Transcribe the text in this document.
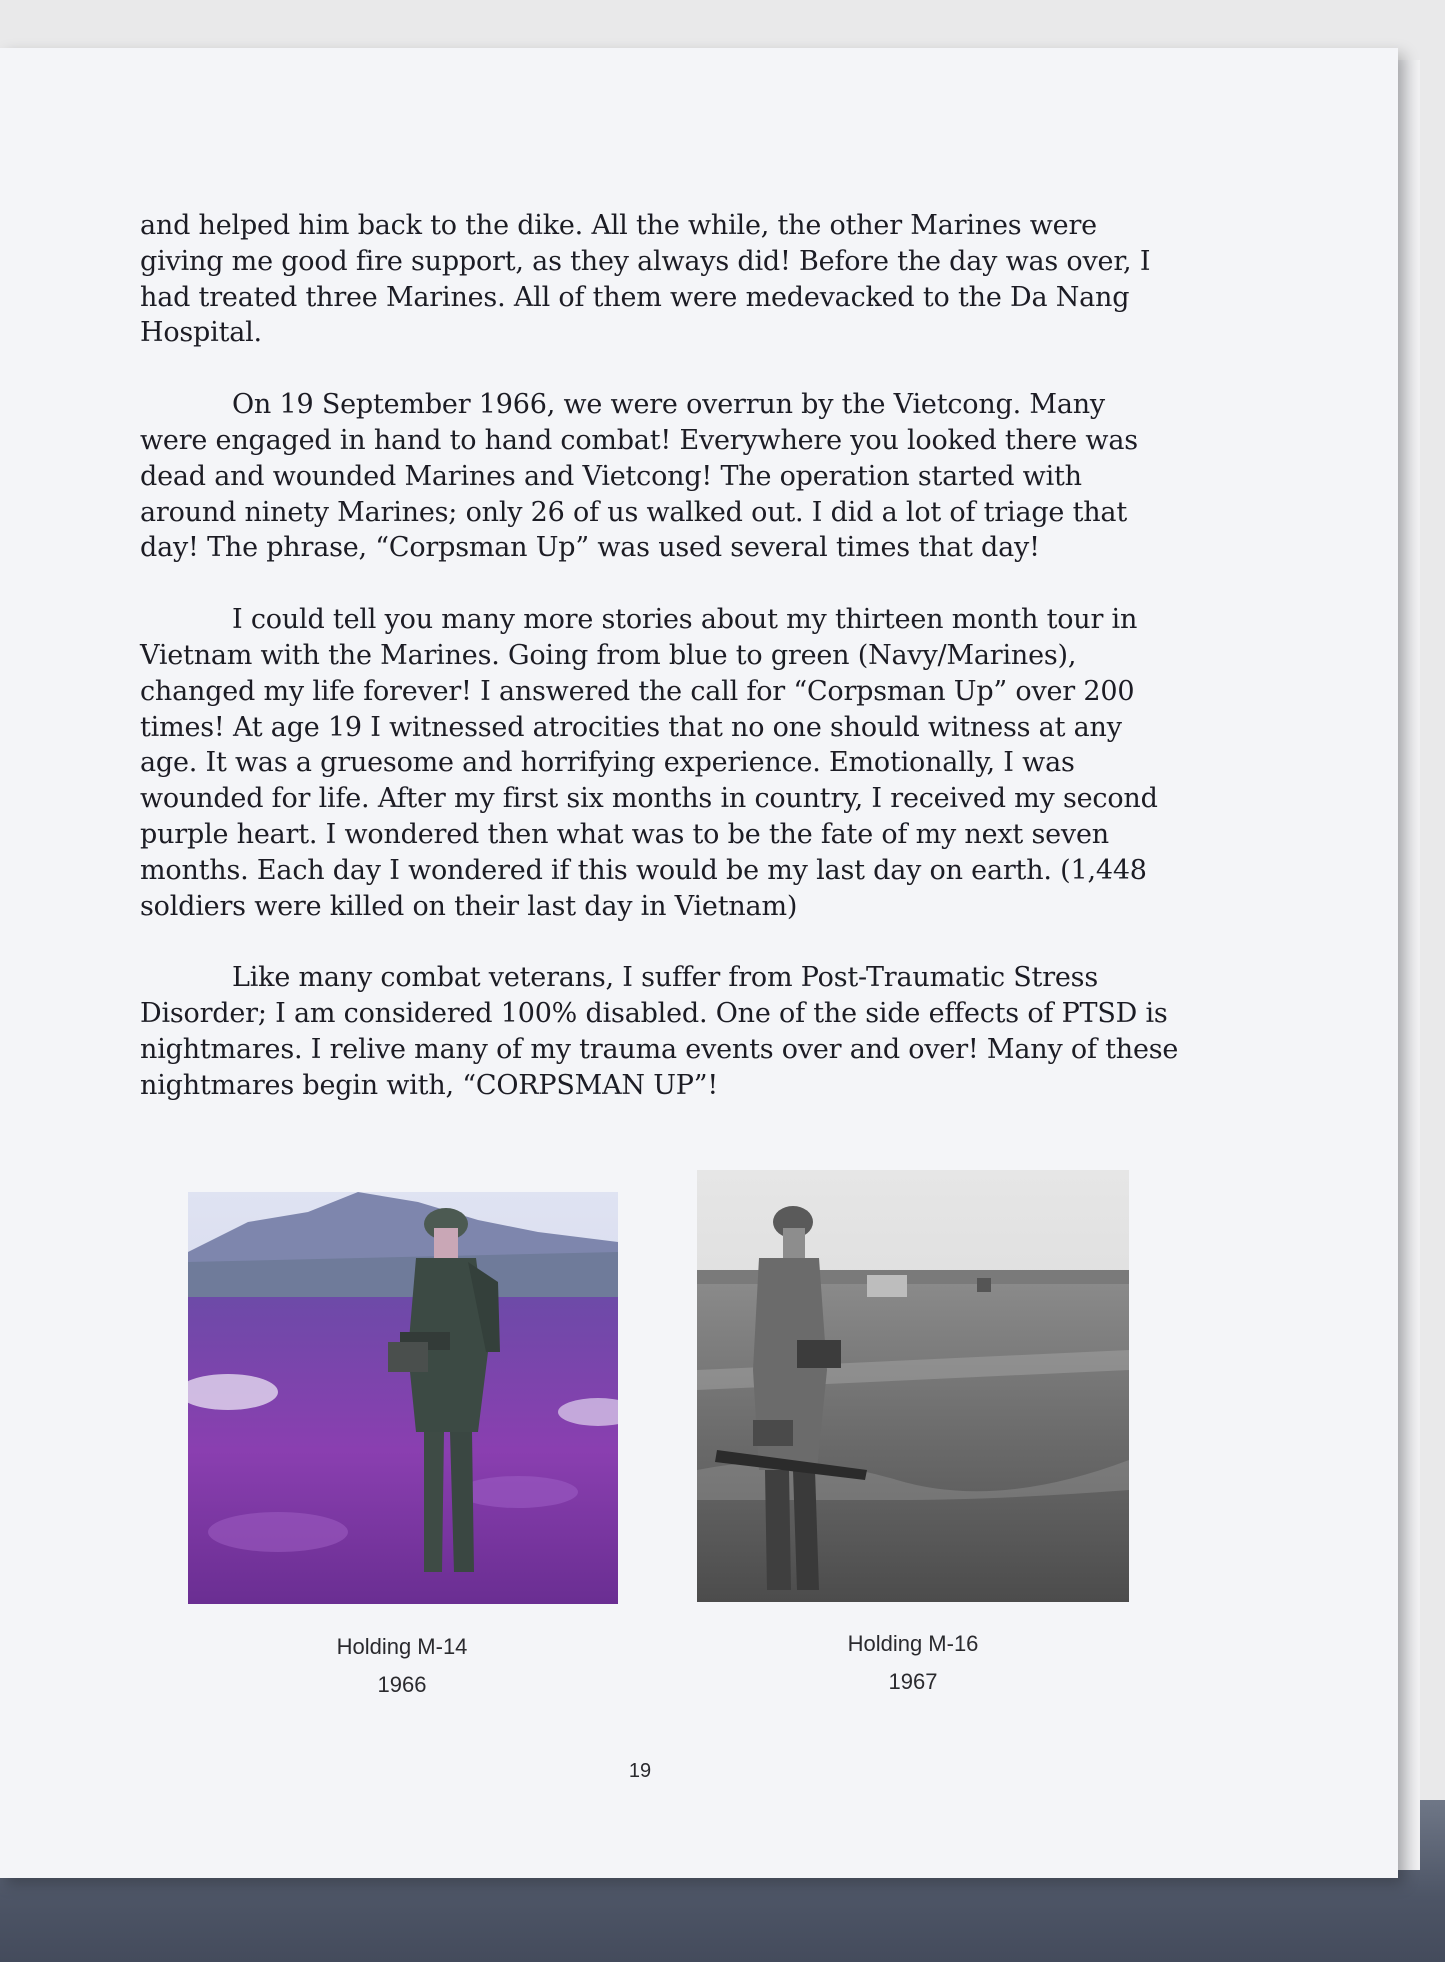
and helped him back to the dike. All the while, the other Marines were giving me good fire support, as they always did! Before the day was over, I had treated three Marines. All of them were medevacked to the Da Nang Hospital.

On 19 September 1966, we were overrun by the Vietcong. Many were engaged in hand to hand combat! Everywhere you looked there was dead and wounded Marines and Vietcong! The operation started with around ninety Marines; only 26 of us walked out. I did a lot of triage that day! The phrase, “Corpsman Up” was used several times that day!

I could tell you many more stories about my thirteen month tour in Vietnam with the Marines. Going from blue to green (Navy/Marines), changed my life forever! I answered the call for “Corpsman Up” over 200 times! At age 19 I witnessed atrocities that no one should witness at any age. It was a gruesome and horrifying experience. Emotionally, I was wounded for life. After my first six months in country, I received my second purple heart. I wondered then what was to be the fate of my next seven months. Each day I wondered if this would be my last day on earth. (1,448 soldiers were killed on their last day in Vietnam)

Like many combat veterans, I suffer from Post-Traumatic Stress Disorder; I am considered 100% disabled. One of the side effects of PTSD is nightmares. I relive many of my trauma events over and over! Many of these nightmares begin with, “CORPSMAN UP”!

Holding M-14
1966
Holding M-16
1967
19
